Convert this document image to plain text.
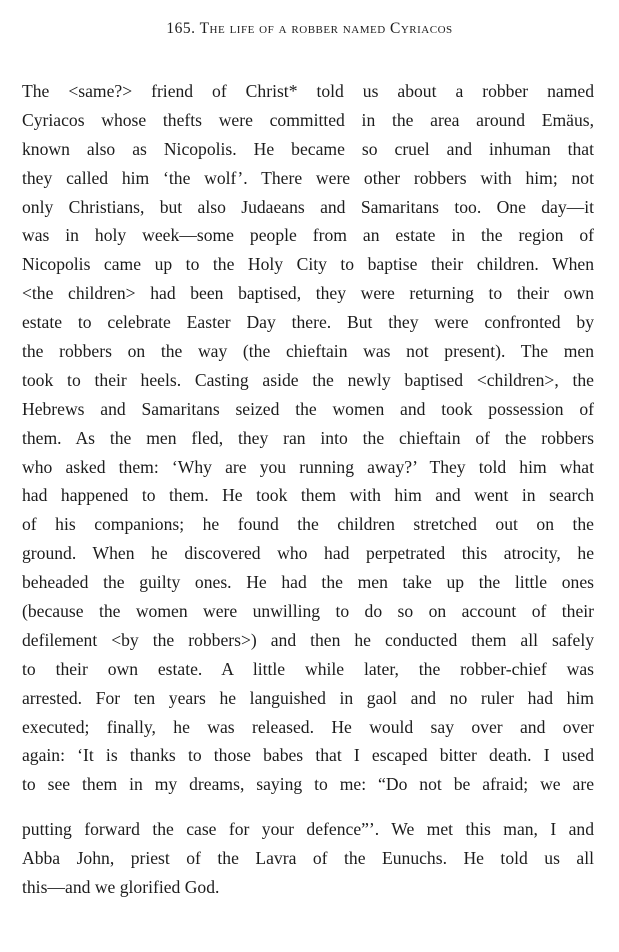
165. The life of a robber named Cyriacos
The <same?> friend of Christ* told us about a robber named
Cyriacos whose thefts were committed in the area around Emäus,
known also as Nicopolis. He became so cruel and inhuman that
they called him ‘the wolf’. There were other robbers with him; not
only Christians, but also Judaeans and Samaritans too. One day—it
was in holy week—some people from an estate in the region of
Nicopolis came up to the Holy City to baptise their children. When
<the children> had been baptised, they were returning to their own
estate to celebrate Easter Day there. But they were confronted by
the robbers on the way (the chieftain was not present). The men
took to their heels. Casting aside the newly baptised <children>, the
Hebrews and Samaritans seized the women and took possession of
them. As the men fled, they ran into the chieftain of the robbers
who asked them: ‘Why are you running away?’ They told him what
had happened to them. He took them with him and went in search
of his companions; he found the children stretched out on the
ground. When he discovered who had perpetrated this atrocity, he
beheaded the guilty ones. He had the men take up the little ones
(because the women were unwilling to do so on account of their
defilement <by the robbers>) and then he conducted them all safely
to their own estate. A little while later, the robber-chief was
arrested. For ten years he languished in gaol and no ruler had him
executed; finally, he was released. He would say over and over
again: ‘It is thanks to those babes that I escaped bitter death. I used
to see them in my dreams, saying to me: “Do not be afraid; we are
putting forward the case for your defence”’. We met this man, I and
Abba John, priest of the Lavra of the Eunuchs. He told us all
this—and we glorified God.
